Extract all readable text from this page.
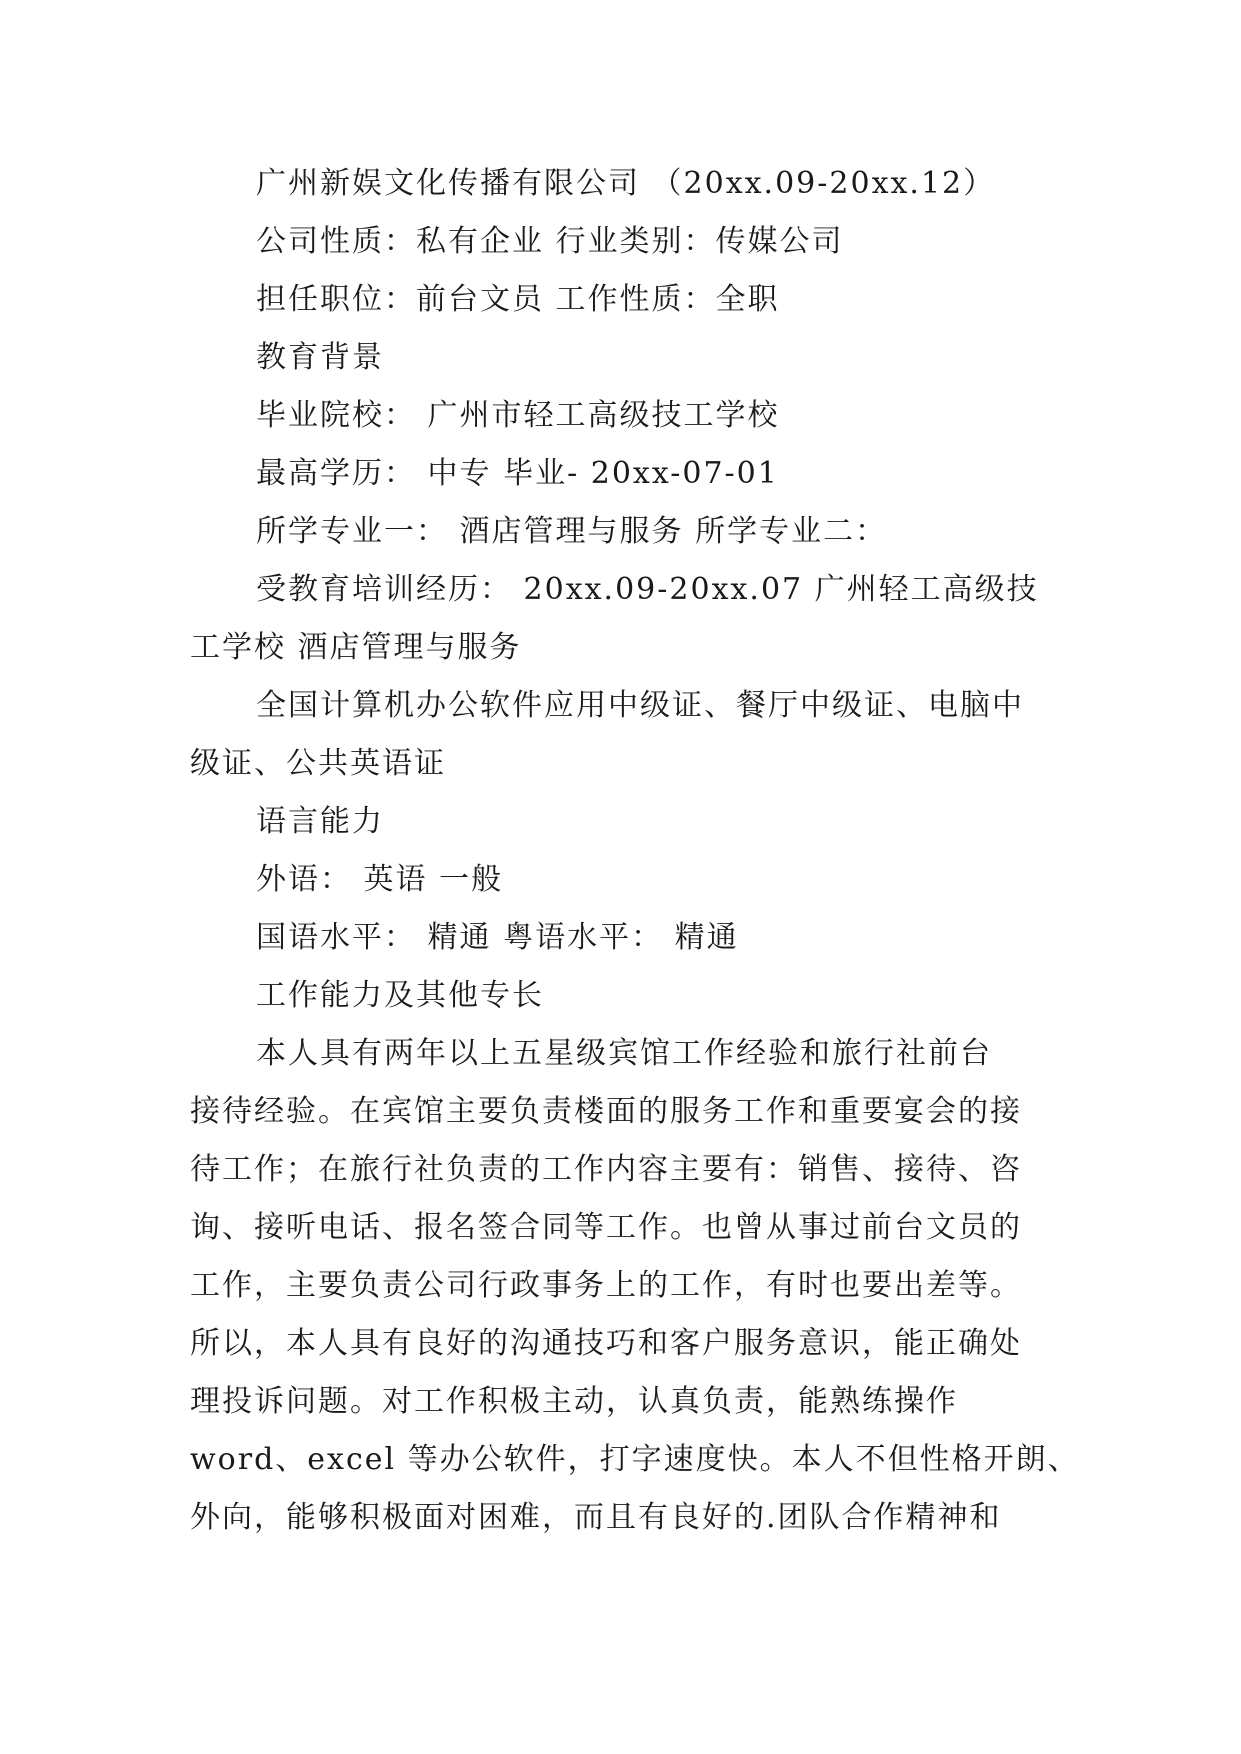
广州新娱文化传播有限公司 （20xx.09-20xx.12）
公司性质：私有企业 行业类别：传媒公司
担任职位：前台文员 工作性质：全职
教育背景
毕业院校： 广州市轻工高级技工学校
最高学历： 中专 毕业- 20xx-07-01
所学专业一： 酒店管理与服务 所学专业二：
受教育培训经历： 20xx.09-20xx.07 广州轻工高级技
工学校 酒店管理与服务
全国计算机办公软件应用中级证、餐厅中级证、电脑中
级证、公共英语证
语言能力
外语： 英语 一般
国语水平： 精通 粤语水平： 精通
工作能力及其他专长
本人具有两年以上五星级宾馆工作经验和旅行社前台
接待经验。在宾馆主要负责楼面的服务工作和重要宴会的接
待工作；在旅行社负责的工作内容主要有：销售、接待、咨
询、接听电话、报名签合同等工作。也曾从事过前台文员的
工作，主要负责公司行政事务上的工作，有时也要出差等。
所以，本人具有良好的沟通技巧和客户服务意识，能正确处
理投诉问题。对工作积极主动，认真负责，能熟练操作
word、excel 等办公软件，打字速度快。本人不但性格开朗、
外向，能够积极面对困难，而且有良好的.团队合作精神和
